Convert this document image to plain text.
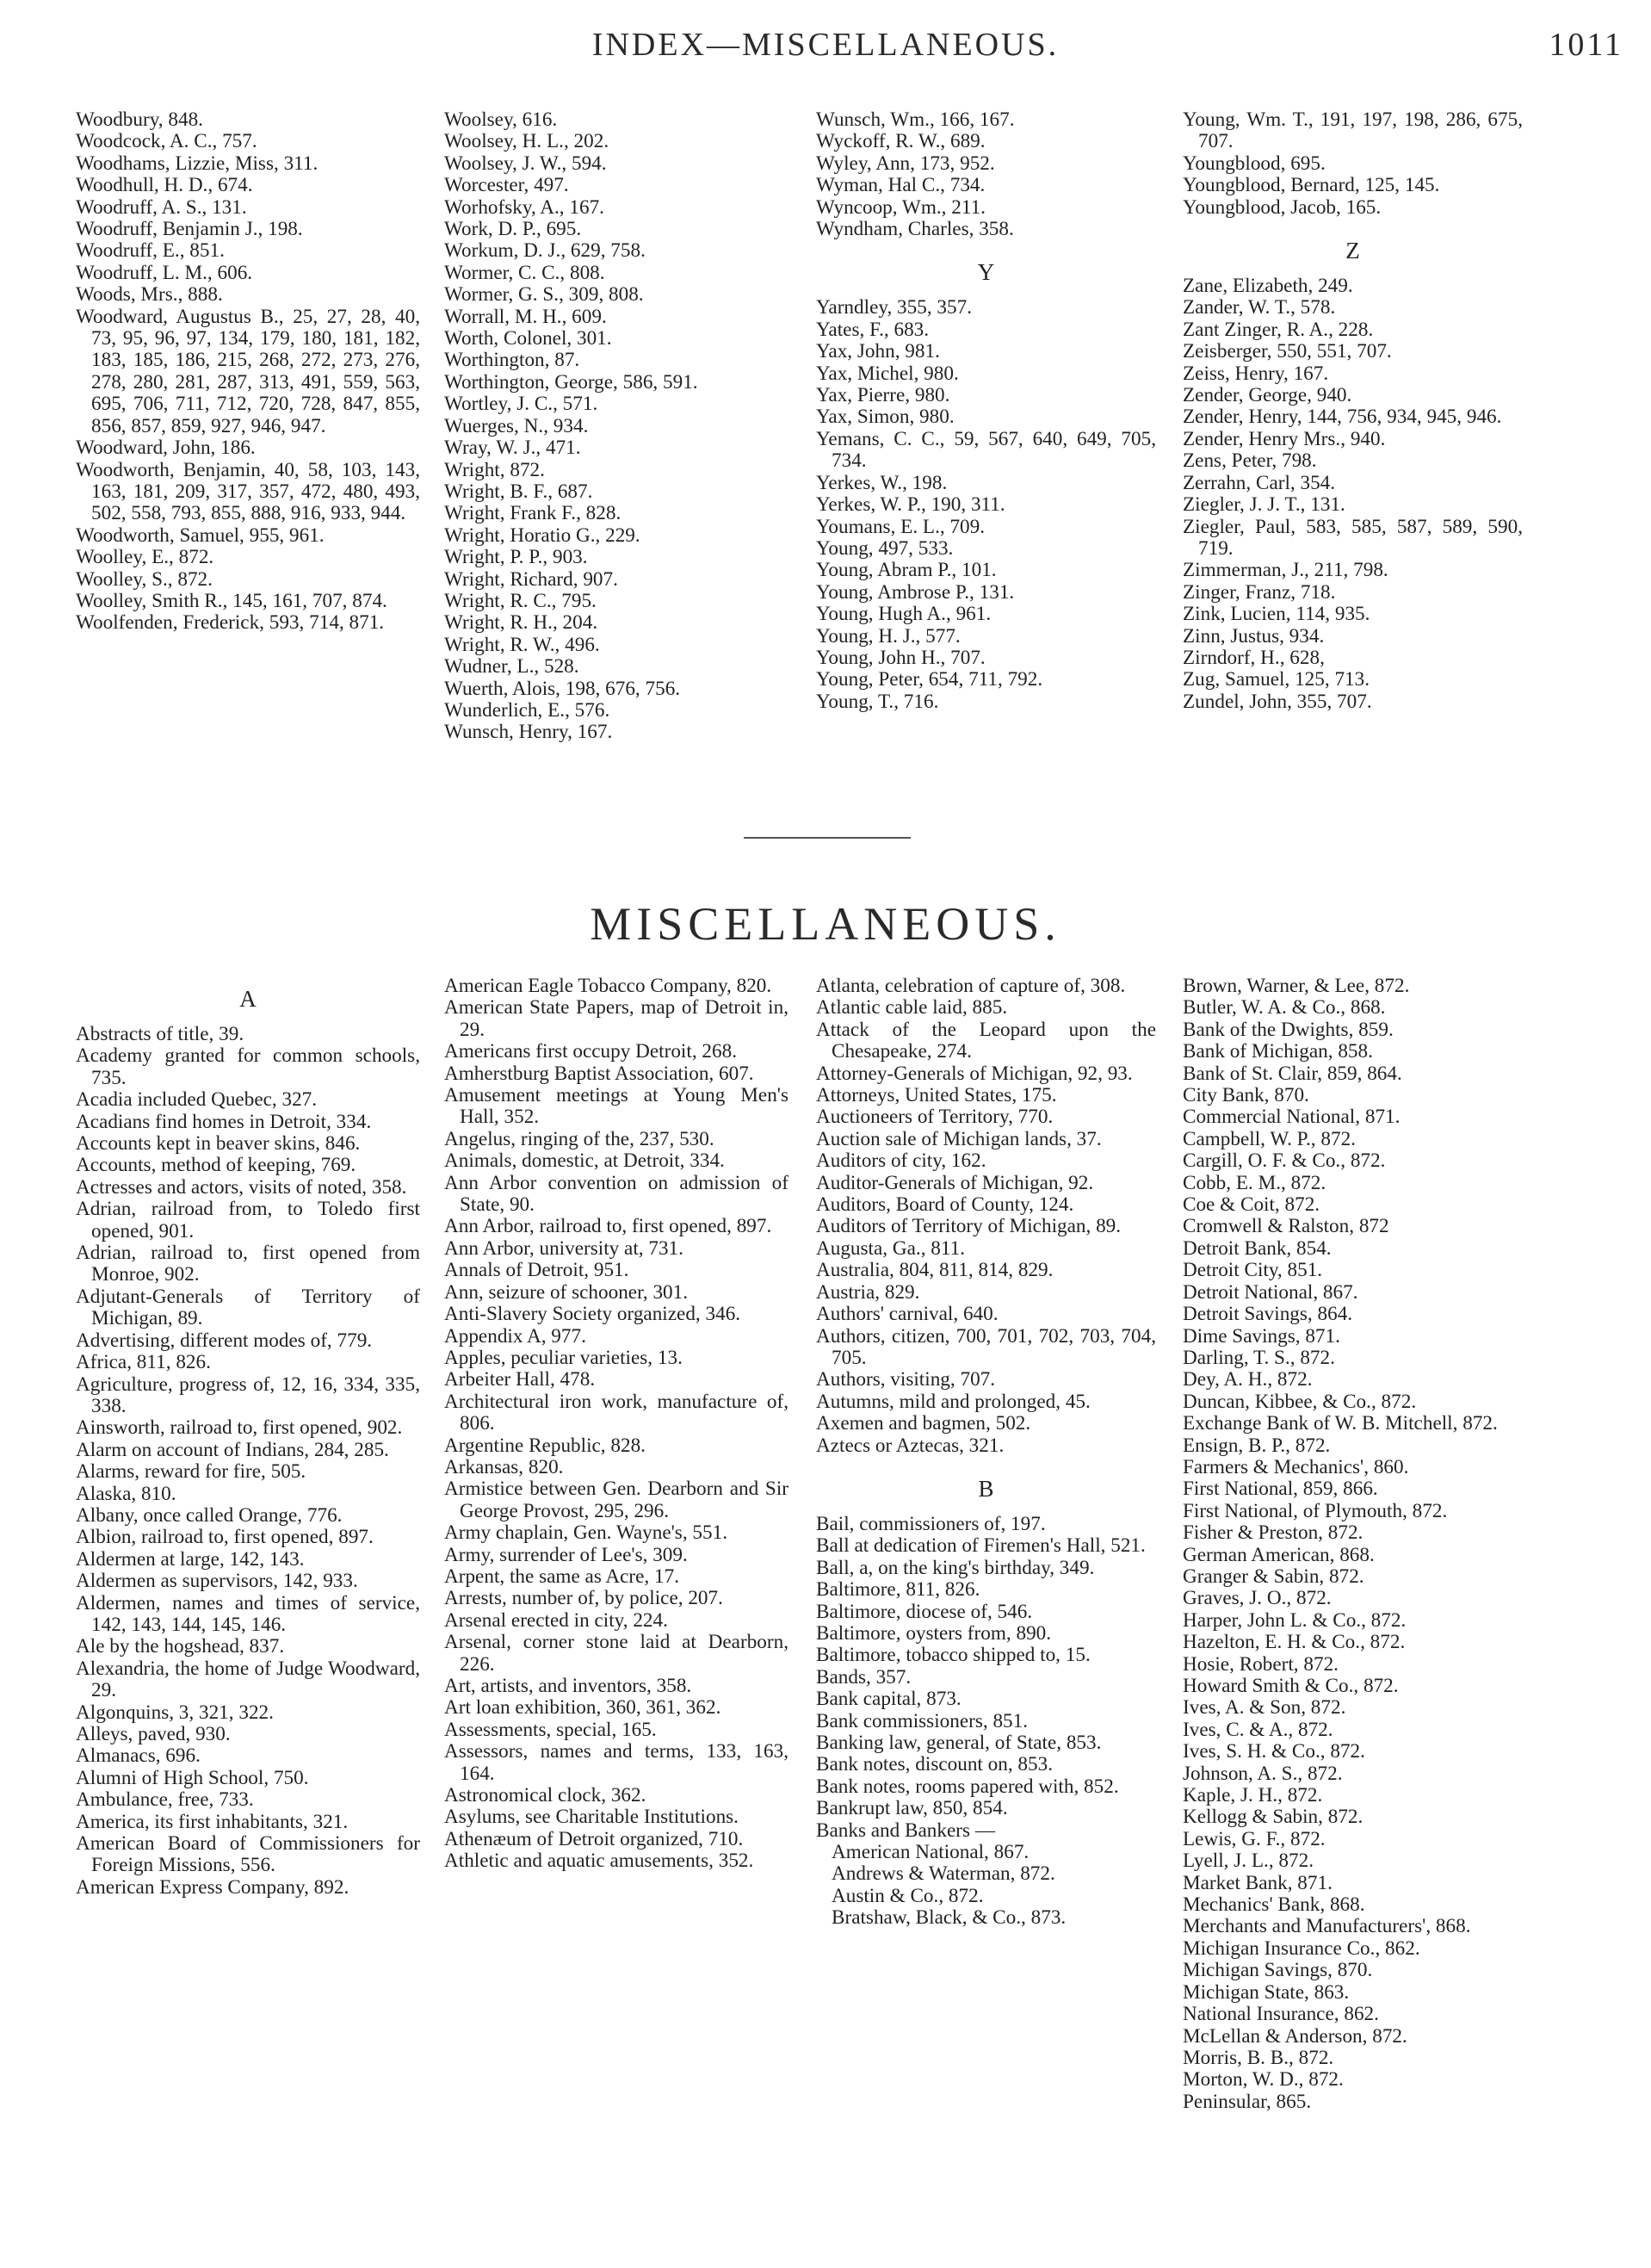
INDEX—MISCELLANEOUS.	1011
Woodbury, 848.
Woodcock, A. C., 757.
Woodhams, Lizzie, Miss, 311.
Woodhull, H. D., 674.
Woodruff, A. S., 131.
Woodruff, Benjamin J., 198.
Woodruff, E., 851.
Woodruff, L. M., 606.
Woods, Mrs., 888.
Woodward, Augustus B., 25, 27, 28, 40, 73, 95, 96, 97, 134, 179, 180, 181, 182, 183, 185, 186, 215, 268, 272, 273, 276, 278, 280, 281, 287, 313, 491, 559, 563, 695, 706, 711, 712, 720, 728, 847, 855, 856, 857, 859, 927, 946, 947.
Woodward, John, 186.
Woodworth, Benjamin, 40, 58, 103, 143, 163, 181, 209, 317, 357, 472, 480, 493, 502, 558, 793, 855, 888, 916, 933, 944.
Woodworth, Samuel, 955, 961.
Woolley, E., 872.
Woolley, S., 872.
Woolley, Smith R., 145, 161, 707, 874.
Woolfenden, Frederick, 593, 714, 871.
Woolsey, 616.
Woolsey, H. L., 202.
Woolsey, J. W., 594.
Worcester, 497.
Worhofsky, A., 167.
Work, D. P., 695.
Workum, D. J., 629, 758.
Wormer, C. C., 808.
Wormer, G. S., 309, 808.
Worrall, M. H., 609.
Worth, Colonel, 301.
Worthington, 87.
Worthington, George, 586, 591.
Wortley, J. C., 571.
Wuerges, N., 934.
Wray, W. J., 471.
Wright, 872.
Wright, B. F., 687.
Wright, Frank F., 828.
Wright, Horatio G., 229.
Wright, P. P., 903.
Wright, Richard, 907.
Wright, R. C., 795.
Wright, R. H., 204.
Wright, R. W., 496.
Wudner, L., 528.
Wuerth, Alois, 198, 676, 756.
Wunderlich, E., 576.
Wunsch, Henry, 167.
Wunsch, Wm., 166, 167.
Wyckoff, R. W., 689.
Wyley, Ann, 173, 952.
Wyman, Hal C., 734.
Wyncoop, Wm., 211.
Wyndham, Charles, 358.
Y
Yarndley, 355, 357.
Yates, F., 683.
Yax, John, 981.
Yax, Michel, 980.
Yax, Pierre, 980.
Yax, Simon, 980.
Yemans, C. C., 59, 567, 640, 649, 705, 734.
Yerkes, W., 198.
Yerkes, W. P., 190, 311.
Youmans, E. L., 709.
Young, 497, 533.
Young, Abram P., 101.
Young, Ambrose P., 131.
Young, Hugh A., 961.
Young, H. J., 577.
Young, John H., 707.
Young, Peter, 654, 711, 792.
Young, T., 716.
Young, Wm. T., 191, 197, 198, 286, 675, 707.
Youngblood, 695.
Youngblood, Bernard, 125, 145.
Youngblood, Jacob, 165.
Z
Zane, Elizabeth, 249.
Zander, W. T., 578.
Zant Zinger, R. A., 228.
Zeisberger, 550, 551, 707.
Zeiss, Henry, 167.
Zender, George, 940.
Zender, Henry, 144, 756, 934, 945, 946.
Zender, Henry Mrs., 940.
Zens, Peter, 798.
Zerrahn, Carl, 354.
Ziegler, J. J. T., 131.
Ziegler, Paul, 583, 585, 587, 589, 590, 719.
Zimmerman, J., 211, 798.
Zinger, Franz, 718.
Zink, Lucien, 114, 935.
Zinn, Justus, 934.
Zirndorf, H., 628,
Zug, Samuel, 125, 713.
Zundel, John, 355, 707.
MISCELLANEOUS.
A
Abstracts of title, 39.
Academy granted for common schools, 735.
Acadia included Quebec, 327.
Acadians find homes in Detroit, 334.
Accounts kept in beaver skins, 846.
Accounts, method of keeping, 769.
Actresses and actors, visits of noted, 358.
Adrian, railroad from, to Toledo first opened, 901.
Adrian, railroad to, first opened from Monroe, 902.
Adjutant-Generals of Territory of Michigan, 89.
Advertising, different modes of, 779.
Africa, 811, 826.
Agriculture, progress of, 12, 16, 334, 335, 338.
Ainsworth, railroad to, first opened, 902.
Alarm on account of Indians, 284, 285.
Alarms, reward for fire, 505.
Alaska, 810.
Albany, once called Orange, 776.
Albion, railroad to, first opened, 897.
Aldermen at large, 142, 143.
Aldermen as supervisors, 142, 933.
Aldermen, names and times of service, 142, 143, 144, 145, 146.
Ale by the hogshead, 837.
Alexandria, the home of Judge Woodward, 29.
Algonquins, 3, 321, 322.
Alleys, paved, 930.
Almanacs, 696.
Alumni of High School, 750.
Ambulance, free, 733.
America, its first inhabitants, 321.
American Board of Commissioners for Foreign Missions, 556.
American Express Company, 892.
American Eagle Tobacco Company, 820.
American State Papers, map of Detroit in, 29.
Americans first occupy Detroit, 268.
Amherstburg Baptist Association, 607.
Amusement meetings at Young Men's Hall, 352.
Angelus, ringing of the, 237, 530.
Animals, domestic, at Detroit, 334.
Ann Arbor convention on admission of State, 90.
Ann Arbor, railroad to, first opened, 897.
Ann Arbor, university at, 731.
Annals of Detroit, 951.
Ann, seizure of schooner, 301.
Anti-Slavery Society organized, 346.
Appendix A, 977.
Apples, peculiar varieties, 13.
Arbeiter Hall, 478.
Architectural iron work, manufacture of, 806.
Argentine Republic, 828.
Arkansas, 820.
Armistice between Gen. Dearborn and Sir George Provost, 295, 296.
Army chaplain, Gen. Wayne's, 551.
Army, surrender of Lee's, 309.
Arpent, the same as Acre, 17.
Arrests, number of, by police, 207.
Arsenal erected in city, 224.
Arsenal, corner stone laid at Dearborn, 226.
Art, artists, and inventors, 358.
Art loan exhibition, 360, 361, 362.
Assessments, special, 165.
Assessors, names and terms, 133, 163, 164.
Astronomical clock, 362.
Asylums, see Charitable Institutions.
Athenæum of Detroit organized, 710.
Athletic and aquatic amusements, 352.
Atlanta, celebration of capture of, 308.
Atlantic cable laid, 885.
Attack of the Leopard upon the Chesapeake, 274.
Attorney-Generals of Michigan, 92, 93.
Attorneys, United States, 175.
Auctioneers of Territory, 770.
Auction sale of Michigan lands, 37.
Auditors of city, 162.
Auditor-Generals of Michigan, 92.
Auditors, Board of County, 124.
Auditors of Territory of Michigan, 89.
Augusta, Ga., 811.
Australia, 804, 811, 814, 829.
Austria, 829.
Authors' carnival, 640.
Authors, citizen, 700, 701, 702, 703, 704, 705.
Authors, visiting, 707.
Autumns, mild and prolonged, 45.
Axemen and bagmen, 502.
Aztecs or Aztecas, 321.
B
Bail, commissioners of, 197.
Ball at dedication of Firemen's Hall, 521.
Ball, a, on the king's birthday, 349.
Baltimore, 811, 826.
Baltimore, diocese of, 546.
Baltimore, oysters from, 890.
Baltimore, tobacco shipped to, 15.
Bands, 357.
Bank capital, 873.
Bank commissioners, 851.
Banking law, general, of State, 853.
Bank notes, discount on, 853.
Bank notes, rooms papered with, 852.
Bankrupt law, 850, 854.
Banks and Bankers —
American National, 867.
Andrews & Waterman, 872.
Austin & Co., 872.
Bratshaw, Black, & Co., 873.
Brown, Warner, & Lee, 872.
Butler, W. A. & Co., 868.
Bank of the Dwights, 859.
Bank of Michigan, 858.
Bank of St. Clair, 859, 864.
City Bank, 870.
Commercial National, 871.
Campbell, W. P., 872.
Cargill, O. F. & Co., 872.
Cobb, E. M., 872.
Coe & Coit, 872.
Cromwell & Ralston, 872
Detroit Bank, 854.
Detroit City, 851.
Detroit National, 867.
Detroit Savings, 864.
Dime Savings, 871.
Darling, T. S., 872.
Dey, A. H., 872.
Duncan, Kibbee, & Co., 872.
Exchange Bank of W. B. Mitchell, 872.
Ensign, B. P., 872.
Farmers & Mechanics', 860.
First National, 859, 866.
First National, of Plymouth, 872.
Fisher & Preston, 872.
German American, 868.
Granger & Sabin, 872.
Graves, J. O., 872.
Harper, John L. & Co., 872.
Hazelton, E. H. & Co., 872.
Hosie, Robert, 872.
Howard Smith & Co., 872.
Ives, A. & Son, 872.
Ives, C. & A., 872.
Ives, S. H. & Co., 872.
Johnson, A. S., 872.
Kaple, J. H., 872.
Kellogg & Sabin, 872.
Lewis, G. F., 872.
Lyell, J. L., 872.
Market Bank, 871.
Mechanics' Bank, 868.
Merchants and Manufacturers', 868.
Michigan Insurance Co., 862.
Michigan Savings, 870.
Michigan State, 863.
National Insurance, 862.
McLellan & Anderson, 872.
Morris, B. B., 872.
Morton, W. D., 872.
Peninsular, 865.
